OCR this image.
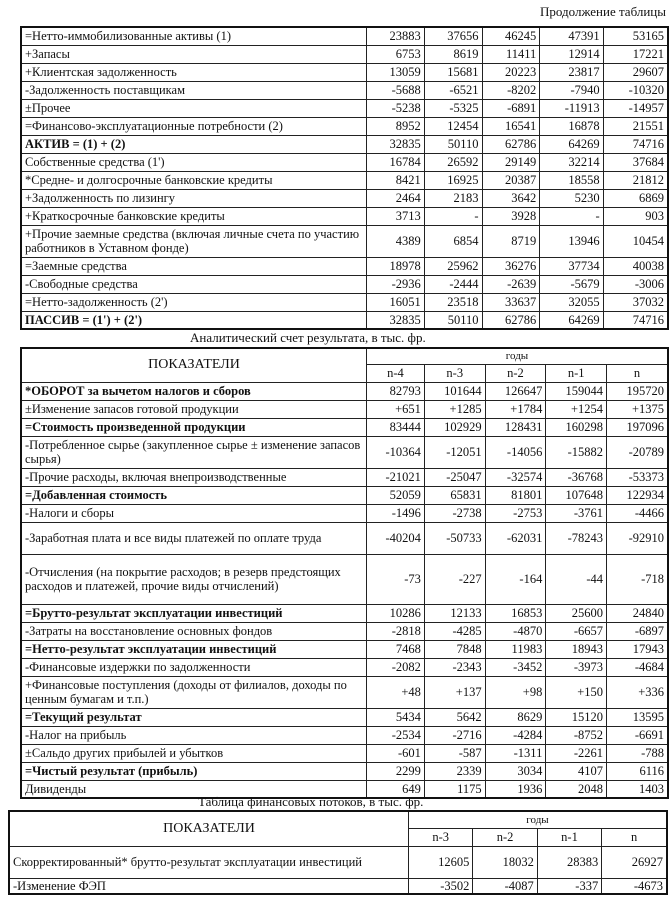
Продолжение таблицы
=Нетто-иммобилизованные активы (1)	23883	37656	46245	47391	53165
+Запасы	6753	8619	11411	12914	17221
+Клиентская задолженность	13059	15681	20223	23817	29607
-Задолженность поставщикам	-5688	-6521	-8202	-7940	-10320
±Прочее	-5238	-5325	-6891	-11913	-14957
=Финансово-эксплуатационные потребности (2)	8952	12454	16541	16878	21551
АКТИВ = (1) + (2)	32835	50110	62786	64269	74716
Собственные средства (1')	16784	26592	29149	32214	37684
*Средне- и долгосрочные банковские кредиты	8421	16925	20387	18558	21812
+Задолженность по лизингу	2464	2183	3642	5230	6869
+Краткосрочные банковские кредиты	3713	-	3928	-	903
+Прочие заемные средства (включая личные счета по участию работников в Уставном фонде)	4389	6854	8719	13946	10454
=Заемные средства	18978	25962	36276	37734	40038
-Свободные средства	-2936	-2444	-2639	-5679	-3006
=Нетто-задолженность (2')	16051	23518	33637	32055	37032
ПАССИВ = (1') + (2')	32835	50110	62786	64269	74716
Аналитический счет результата, в тыс. фр.
ПОКАЗАТЕЛИ	годы				
	n-4	n-3	n-2	n-1	n
*ОБОРОТ за вычетом налогов и сборов	82793	101644	126647	159044	195720
±Изменение запасов готовой продукции	+651	+1285	+1784	+1254	+1375
=Стоимость произведенной продукции	83444	102929	128431	160298	197096
-Потребленное сырье (закупленное сырье ± изменение запасов сырья)	-10364	-12051	-14056	-15882	-20789
-Прочие расходы, включая внепроизводственные	-21021	-25047	-32574	-36768	-53373
=Добавленная стоимость	52059	65831	81801	107648	122934
-Налоги и сборы	-1496	-2738	-2753	-3761	-4466
-Заработная плата и все виды платежей по оплате труда	-40204	-50733	-62031	-78243	-92910
-Отчисления (на покрытие расходов; в резерв предстоящих расходов и платежей, прочие виды отчислений)	-73	-227	-164	-44	-718
=Брутто-результат эксплуатации инвестиций	10286	12133	16853	25600	24840
-Затраты на восстановление основных фондов	-2818	-4285	-4870	-6657	-6897
=Нетто-результат эксплуатации инвестиций	7468	7848	11983	18943	17943
-Финансовые издержки по задолженности	-2082	-2343	-3452	-3973	-4684
+Финансовые поступления (доходы от филиалов, доходы по ценным бумагам и т.п.)	+48	+137	+98	+150	+336
=Текущий результат	5434	5642	8629	15120	13595
-Налог на прибыль	-2534	-2716	-4284	-8752	-6691
±Сальдо других прибылей и убытков	-601	-587	-1311	-2261	-788
=Чистый результат (прибыль)	2299	2339	3034	4107	6116
Дивиденды	649	1175	1936	2048	1403
Таблица финансовых потоков, в тыс. фр.
ПОКАЗАТЕЛИ	годы			
	n-3	n-2	n-1	n
Скорректированный* брутто-результат эксплуатации инвестиций	12605	18032	28383	26927
-Изменение ФЭП	-3502	-4087	-337	-4673
